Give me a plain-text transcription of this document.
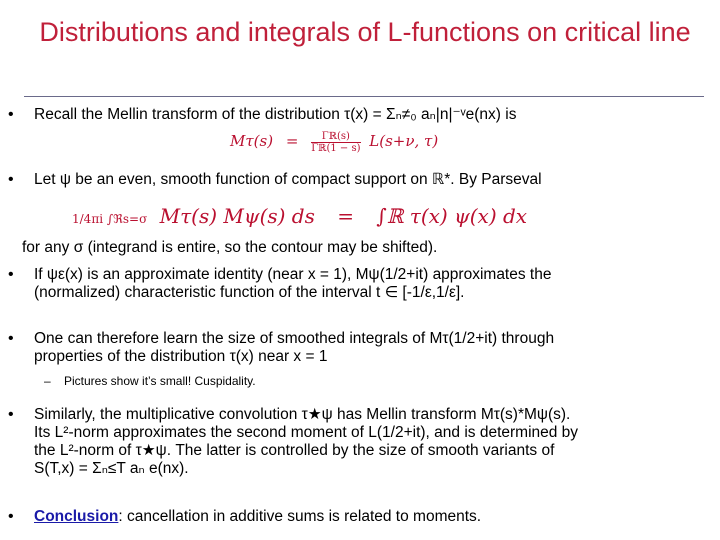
Distributions and integrals of L-functions on critical line
• Recall the Mellin transform of the distribution τ(x) = Σₙ≠₀ aₙ|n|⁻ᵛe(nx) is
$M\tau(s) = \frac{\text{Γℝ(s)}}{\text{Γℝ(1 − s)}} L(s+\nu$, τ)
• Let ψ be an even, smooth function of compact support on ℝ*. By Parseval
1/4πi ∫ℜs=σ Mτ(s) Mψ(s) ds = ∫ℝ τ(x) ψ(x) dx
for any σ (integrand is entire, so the contour may be shifted).
• If ψε(x) is an approximate identity (near x = 1), Mψ(1/2+it) approximates the
(normalized) characteristic function of the interval t ∈ [-1/ε,1/ε].
• One can therefore learn the size of smoothed integrals of Mτ(1/2+it) through
properties of the distribution τ(x) near x = 1
– Pictures show it’s small! Cuspidality.
• Similarly, the multiplicative convolution τ★ψ has Mellin transform Mτ(s)*Mψ(s).
Its L²-norm approximates the second moment of L(1/2+it), and is determined by
the L²-norm of τ★ψ. The latter is controlled by the size of smooth variants of
S(T,x) = Σₙ≤T aₙ e(nx).
• Conclusion: cancellation in additive sums is related to moments.
